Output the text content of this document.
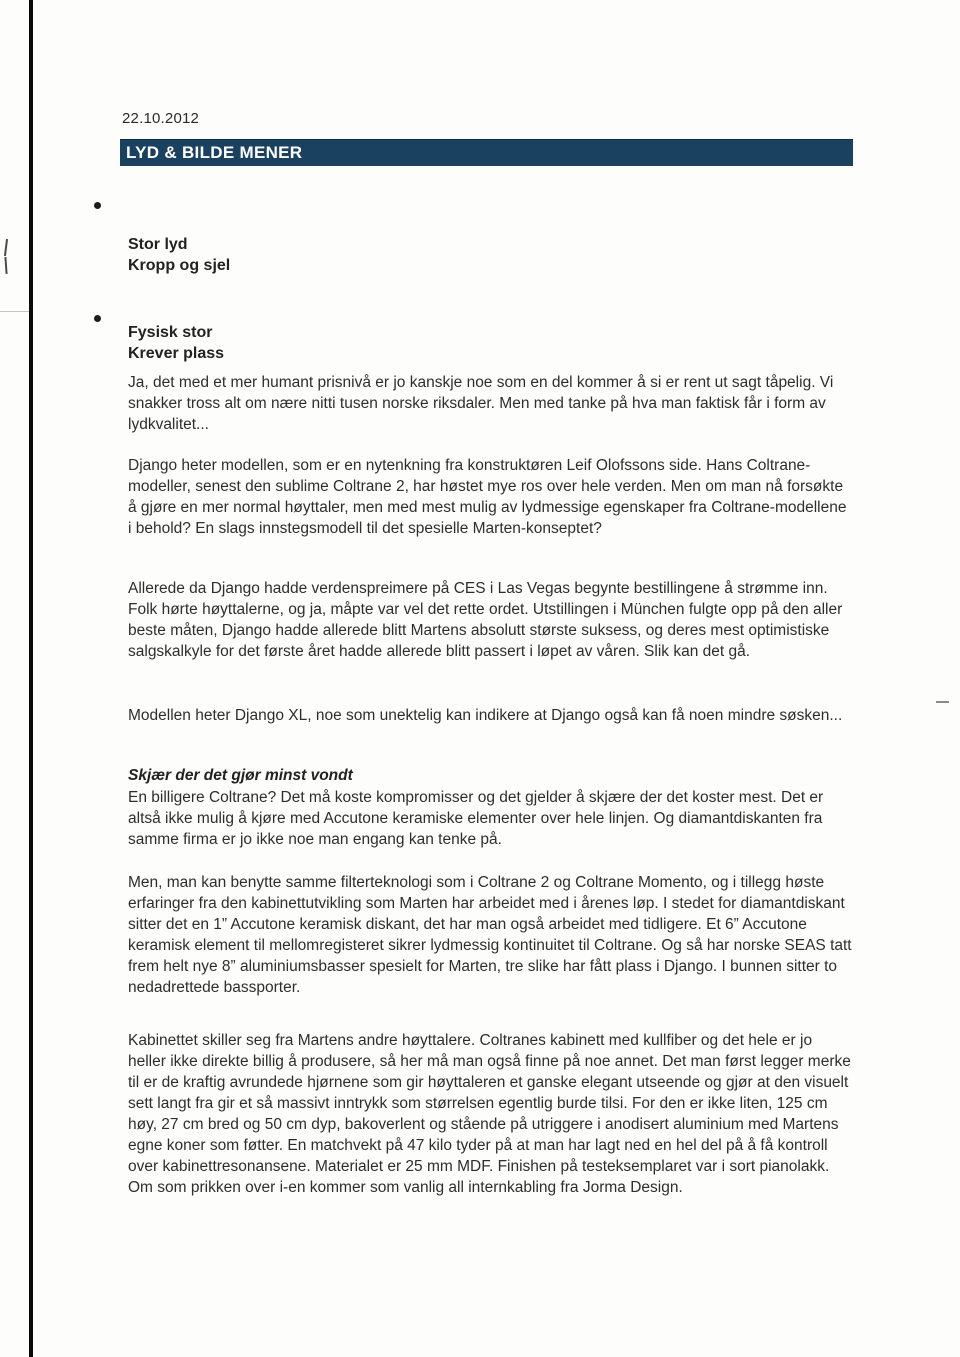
22.10.2012
LYD & BILDE MENER
Stor lyd
Kropp og sjel
Fysisk stor
Krever plass

Ja, det med et mer humant prisnivå er jo kanskje noe som en del kommer å si er rent ut sagt tåpelig. Vi snakker tross alt om nære nitti tusen norske riksdaler. Men med tanke på hva man faktisk får i form av lydkvalitet...

Django heter modellen, som er en nytenkning fra konstruktøren Leif Olofssons side. Hans Coltrane-modeller, senest den sublime Coltrane 2, har høstet mye ros over hele verden. Men om man nå forsøkte å gjøre en mer normal høyttaler, men med mest mulig av lydmessige egenskaper fra Coltrane-modellene i behold? En slags innstegsmodell til det spesielle Marten-konseptet?

Allerede da Django hadde verdenspreimere på CES i Las Vegas begynte bestillingene å strømme inn. Folk hørte høyttalerne, og ja, måpte var vel det rette ordet. Utstillingen i München fulgte opp på den aller beste måten, Django hadde allerede blitt Martens absolutt største suksess, og deres mest optimistiske salgskalkyle for det første året hadde allerede blitt passert i løpet av våren. Slik kan det gå.

Modellen heter Django XL, noe som unektelig kan indikere at Django også kan få noen mindre søsken...

Skjær der det gjør minst vondt

En billigere Coltrane? Det må koste kompromisser og det gjelder å skjære der det koster mest. Det er altså ikke mulig å kjøre med Accutone keramiske elementer over hele linjen. Og diamantdiskanten fra samme firma er jo ikke noe man engang kan tenke på.

Men, man kan benytte samme filterteknologi som i Coltrane 2 og Coltrane Momento, og i tillegg høste erfaringer fra den kabinettutvikling som Marten har arbeidet med i årenes løp. I stedet for diamantdiskant sitter det en 1” Accutone keramisk diskant, det har man også arbeidet med tidligere. Et 6” Accutone keramisk element til mellomregisteret sikrer lydmessig kontinuitet til Coltrane. Og så har norske SEAS tatt frem helt nye 8” aluminiumsbasser spesielt for Marten, tre slike har fått plass i Django. I bunnen sitter to nedadrettede bassporter.

Kabinettet skiller seg fra Martens andre høyttalere. Coltranes kabinett med kullfiber og det hele er jo heller ikke direkte billig å produsere, så her må man også finne på noe annet. Det man først legger merke til er de kraftig avrundede hjørnene som gir høyttaleren et ganske elegant utseende og gjør at den visuelt sett langt fra gir et så massivt inntrykk som størrelsen egentlig burde tilsi. For den er ikke liten, 125 cm høy, 27 cm bred og 50 cm dyp, bakoverlent og stående på utriggere i anodisert aluminium med Martens egne koner som føtter. En matchvekt på 47 kilo tyder på at man har lagt ned en hel del på å få kontroll over kabinettresonansene. Materialet er 25 mm MDF. Finishen på testeksemplaret var i sort pianolakk. Om som prikken over i-en kommer som vanlig all internkabling fra Jorma Design.
